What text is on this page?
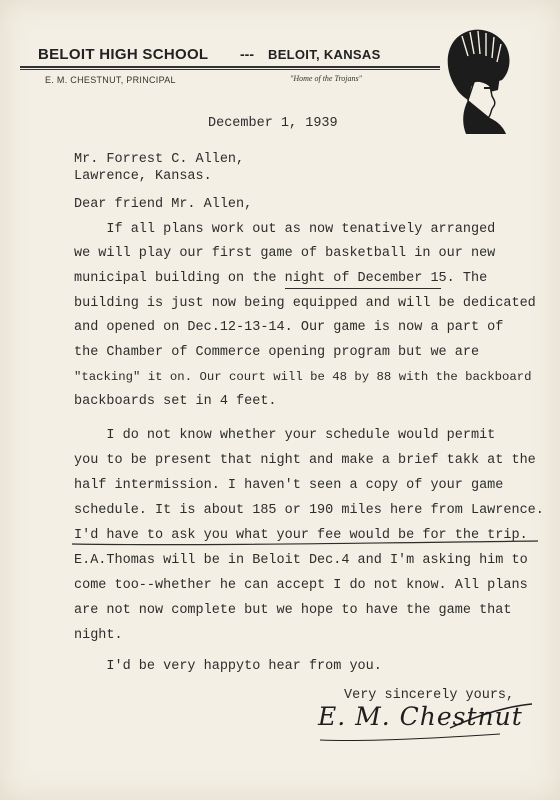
BELOIT HIGH SCHOOL --- BELOIT, KANSAS
E. M. CHESTNUT, PRINCIPAL	"Home of the Trojans"
December 1, 1939
Mr. Forrest C. Allen,
Lawrence, Kansas.
Dear friend Mr. Allen,
If all plans work out as now tenatively arranged
we will play our first game of basketball in our new
municipal building on the night of December 15. The
building is just now being equipped and will be dedicated
and opened on Dec.12-13-14. Our game is now a part of
the Chamber of Commerce opening program but we are
"tacking" it on. Our court will be 48 by 88 with the backboard
backboards set in 4 feet.
I do not know whether your schedule would permit
you to be present that night and make a brief takk at the
half intermission. I haven't seen a copy of your game
schedule. It is about 185 or 190 miles here from Lawrence.
I'd have to ask you what your fee would be for the trip.
E.A.Thomas will be in Beloit Dec.4 and I'm asking him to
come too--whether he can accept I do not know. All plans
are not now complete but we hope to have the game that
night.
I'd be very happyto hear from you.
Very sincerely yours,
E. M. Chestnut
